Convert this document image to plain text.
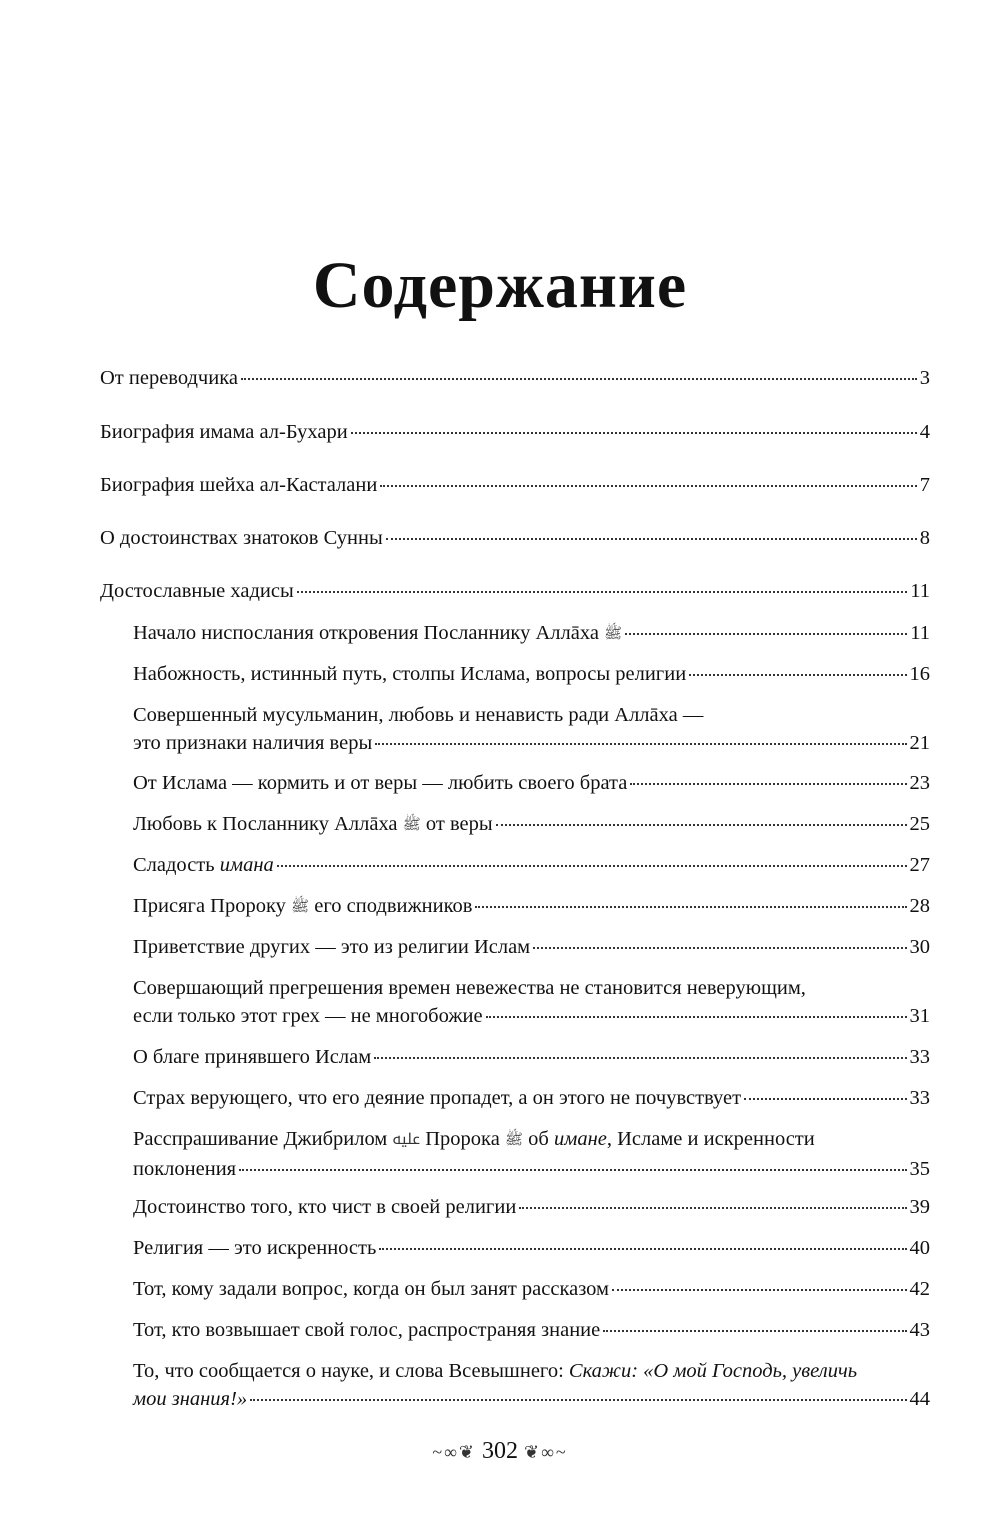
Содержание
От переводчика	3
Биография имама ал-Бухари	4
Биография шейха ал-Касталани	7
О достоинствах знатоков Сунны	8
Достославные хадисы	11
Начало ниспослания откровения Посланнику Аллāха ﷺ	11
Набожность, истинный путь, столпы Ислама, вопросы религии	16
Совершенный мусульманин, любовь и ненависть ради Аллāха —
это признаки наличия веры	21
От Ислама — кормить и от веры — любить своего брата	23
Любовь к Посланнику Аллāха ﷺ от веры	25
Сладость имана	27
Присяга Пророку ﷺ его сподвижников	28
Приветствие других — это из религии Ислам	30
Совершающий прегрешения времен невежества не становится неверующим,
если только этот грех — не многобожие	31
О благе принявшего Ислам	33
Страх верующего, что его деяние пропадет, а он этого не почувствует	33
Расспрашивание Джибрилом ﷷ Пророка ﷺ об имане, Исламе и искренности
поклонения	35
Достоинство того, кто чист в своей религии	39
Религия — это искренность	40
Тот, кому задали вопрос, когда он был занят рассказом	42
Тот, кто возвышает свой голос, распространяя знание	43
То, что сообщается о науке, и слова Всевышнего: Скажи: «О мой Господь, увеличь
мои знания!»	44
~∞❦ 302 ❦∞~
